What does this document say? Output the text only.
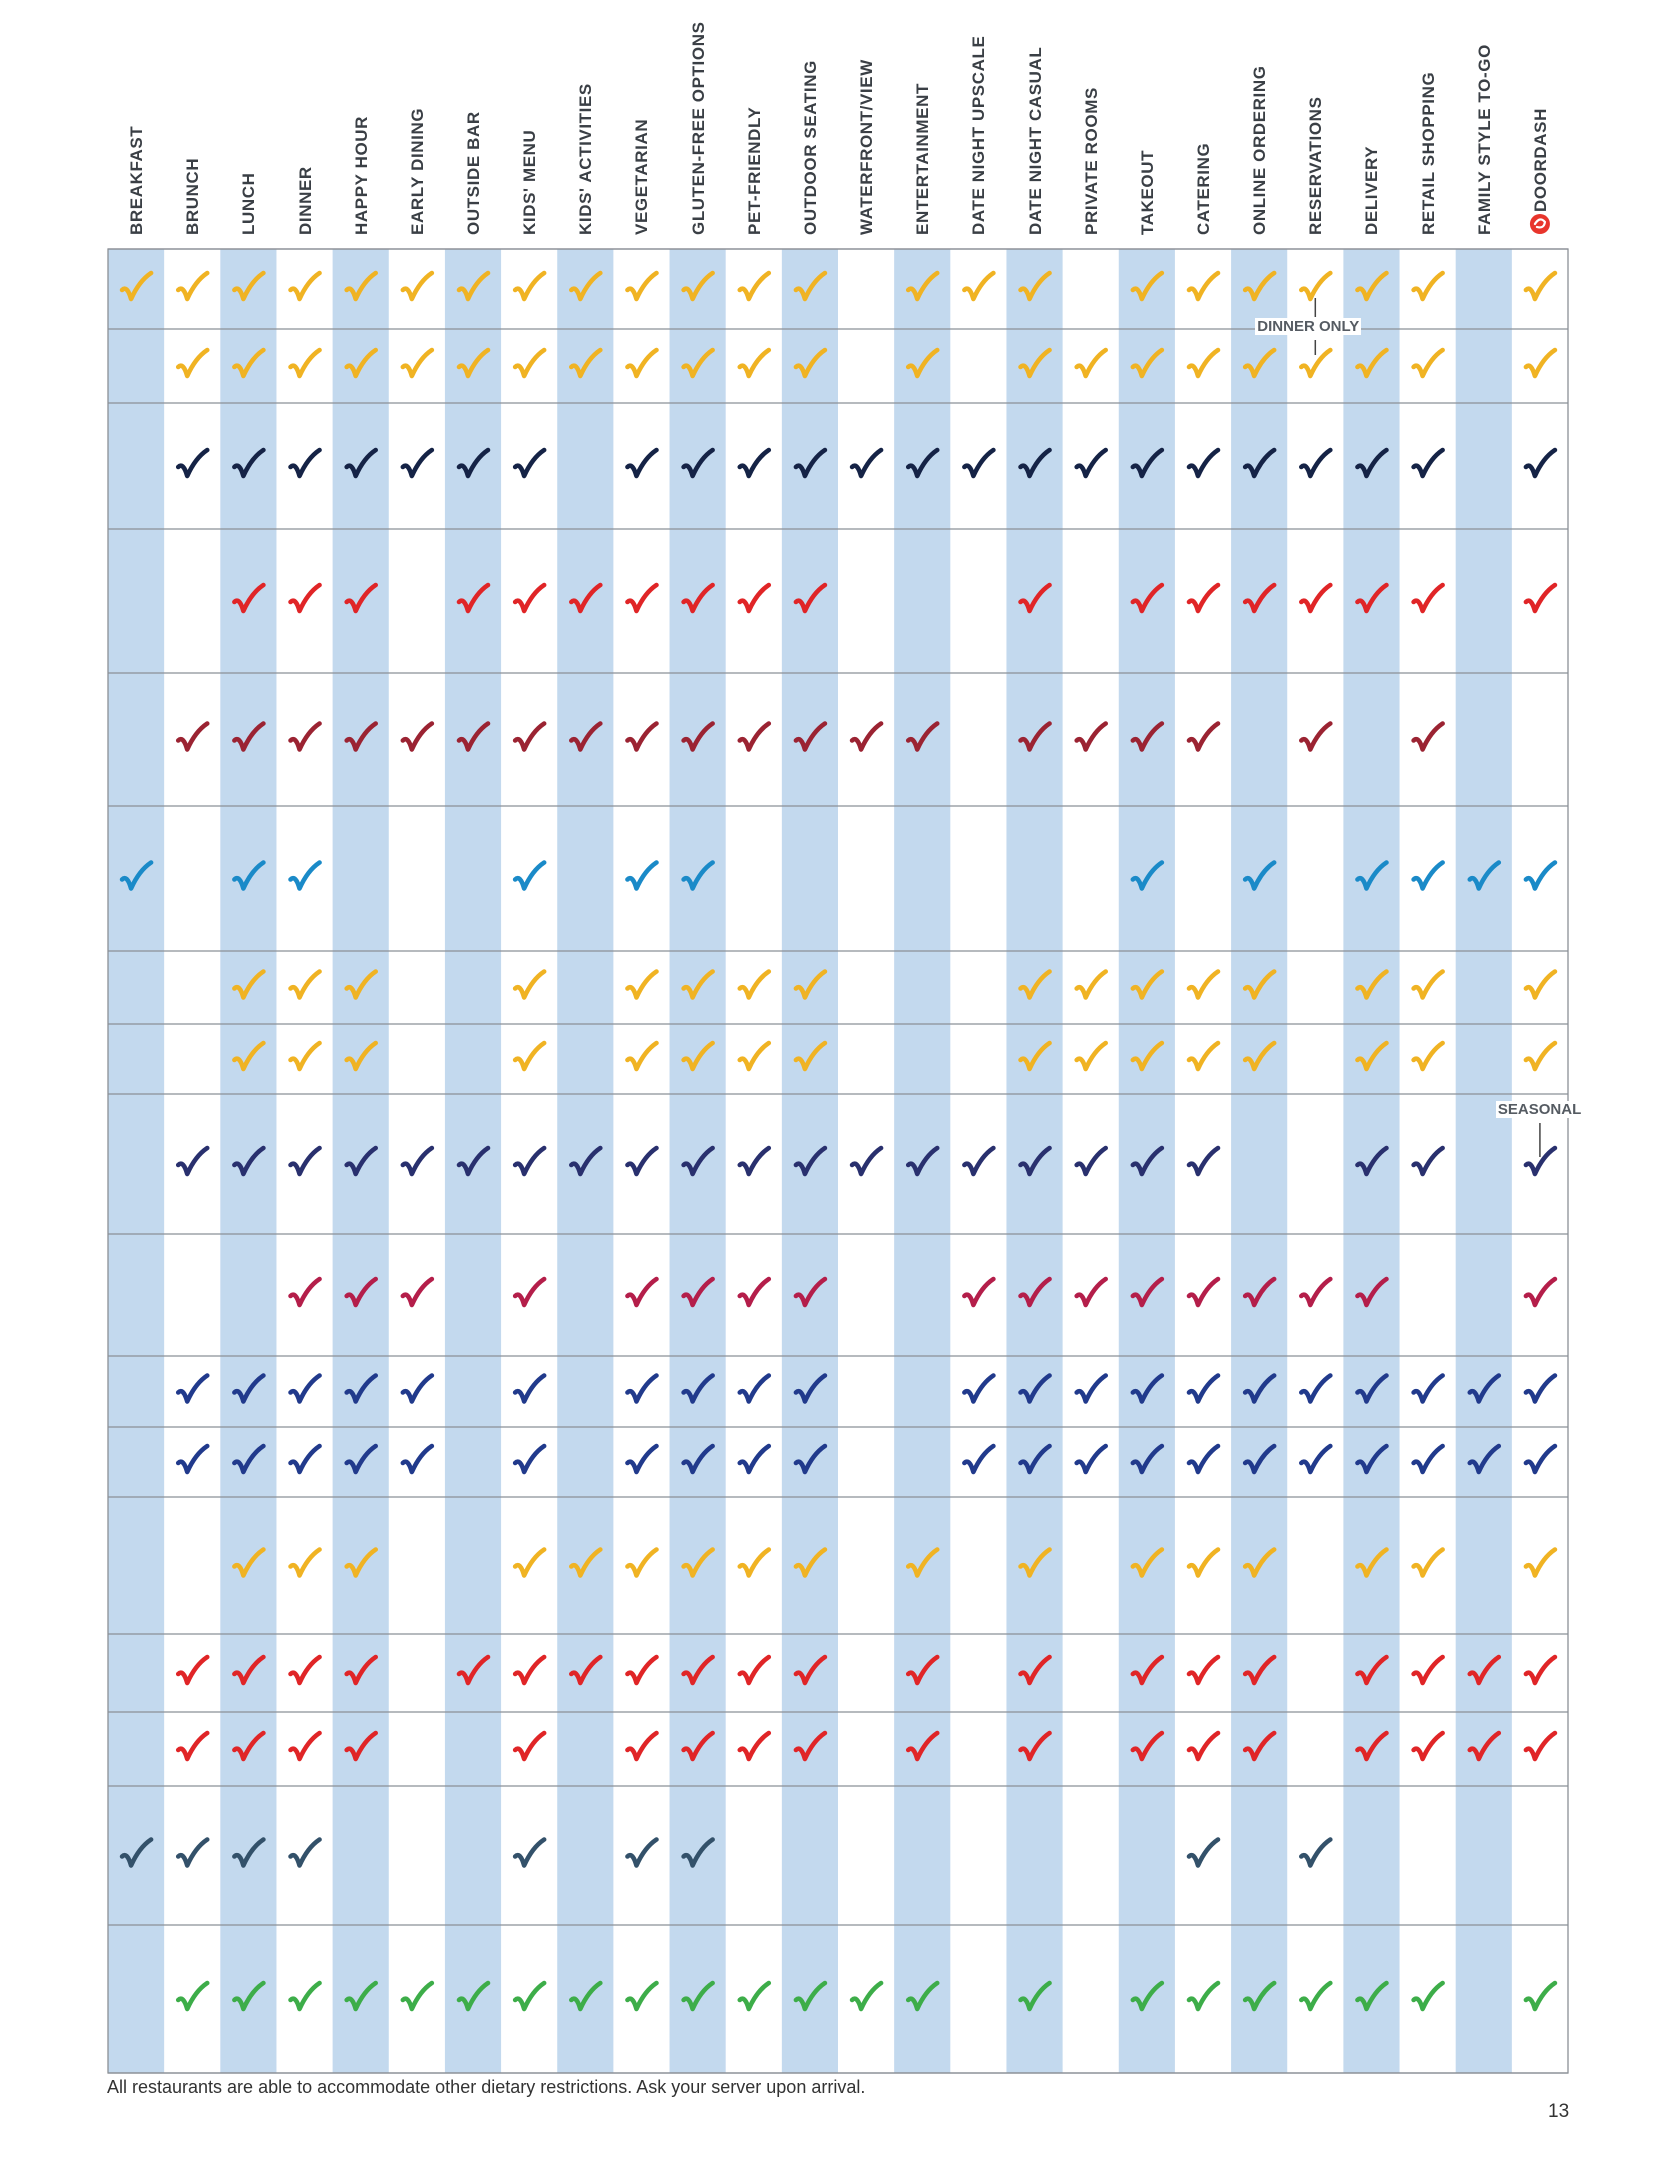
BREAKFAST BRUNCH LUNCH DINNER HAPPY HOUR EARLY DINING OUTSIDE BAR KIDS' MENU KIDS' ACTIVITIES VEGETARIAN GLUTEN-FREE OPTIONS PET-FRIENDLY OUTDOOR SEATING WATERFRONT/VIEW ENTERTAINMENT DATE NIGHT UPSCALE DATE NIGHT CASUAL PRIVATE ROOMS TAKEOUT CATERING ONLINE ORDERING RESERVATIONS DELIVERY RETAIL SHOPPING FAMILY STYLE TO-GO DOORDASH
DINNER ONLY
SEASONAL
All restaurants are able to accommodate other dietary restrictions. Ask your server upon arrival.
13
